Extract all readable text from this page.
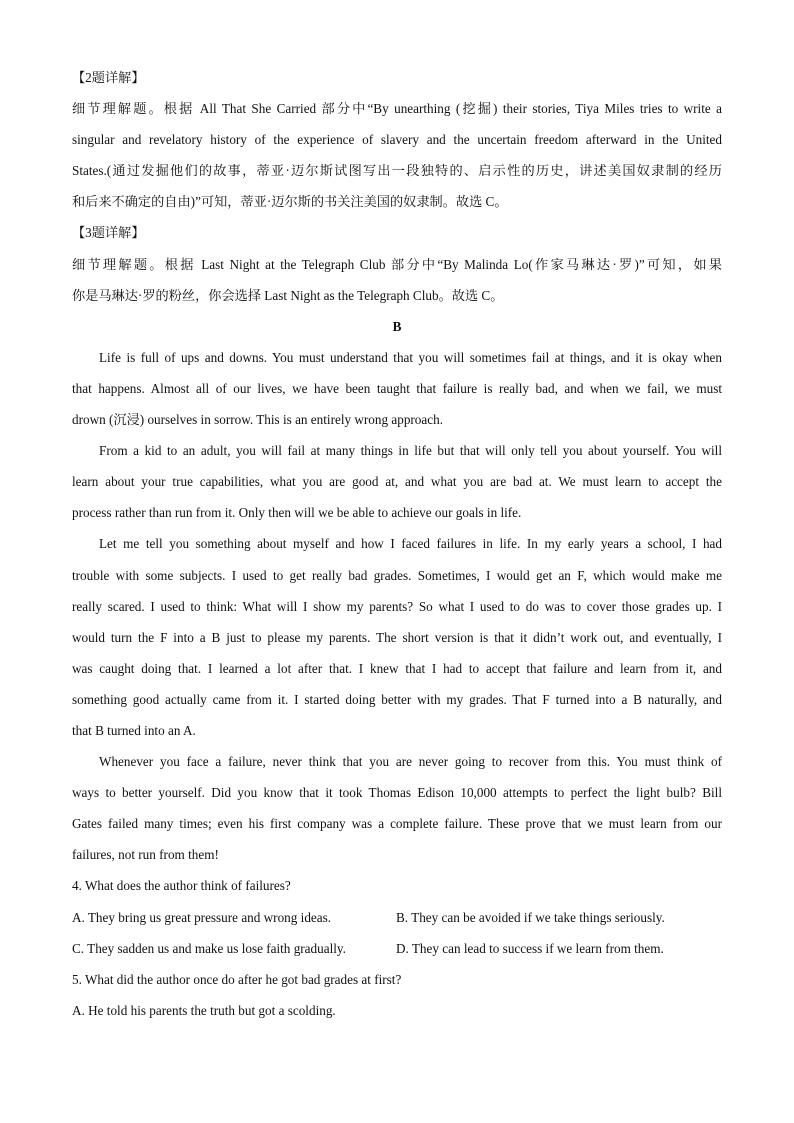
【2题详解】
细节理解题。根据 All That She Carried 部分中“By unearthing (挖掘) their stories, Tiya Miles tries to write a
singular and revelatory history of the experience of slavery and the uncertain freedom afterward in the United
States.(通过发掘他们的故事，蒂亚·迈尔斯试图写出一段独特的、启示性的历史，讲述美国奴隶制的经历
和后来不确定的自由)”可知，蒂亚·迈尔斯的书关注美国的奴隶制。故选 C。
【3题详解】
细节理解题。根据 Last Night at the Telegraph Club 部分中“By Malinda Lo(作家马琳达·罗)”可知，如果
你是马琳达·罗的粉丝，你会选择 Last Night as the Telegraph Club。故选 C。
B
Life is full of ups and downs. You must understand that you will sometimes fail at things, and it is okay when
that happens. Almost all of our lives, we have been taught that failure is really bad, and when we fail, we must
drown (沉浸) ourselves in sorrow. This is an entirely wrong approach.
From a kid to an adult, you will fail at many things in life but that will only tell you about yourself. You will
learn about your true capabilities, what you are good at, and what you are bad at. We must learn to accept the
process rather than run from it. Only then will we be able to achieve our goals in life.
Let me tell you something about myself and how I faced failures in life. In my early years a school, I had
trouble with some subjects. I used to get really bad grades. Sometimes, I would get an F, which would make me
really scared. I used to think: What will I show my parents? So what I used to do was to cover those grades up. I
would turn the F into a B just to please my parents. The short version is that it didn’t work out, and eventually, I
was caught doing that. I learned a lot after that. I knew that I had to accept that failure and learn from it, and
something good actually came from it. I started doing better with my grades. That F turned into a B naturally, and
that B turned into an A.
Whenever you face a failure, never think that you are never going to recover from this. You must think of
ways to better yourself. Did you know that it took Thomas Edison 10,000 attempts to perfect the light bulb? Bill
Gates failed many times; even his first company was a complete failure. These prove that we must learn from our
failures, not run from them!
4. What does the author think of failures?
A. They bring us great pressure and wrong ideas.	B. They can be avoided if we take things seriously.
C. They sadden us and make us lose faith gradually.	D. They can lead to success if we learn from them.
5. What did the author once do after he got bad grades at first?
A. He told his parents the truth but got a scolding.
